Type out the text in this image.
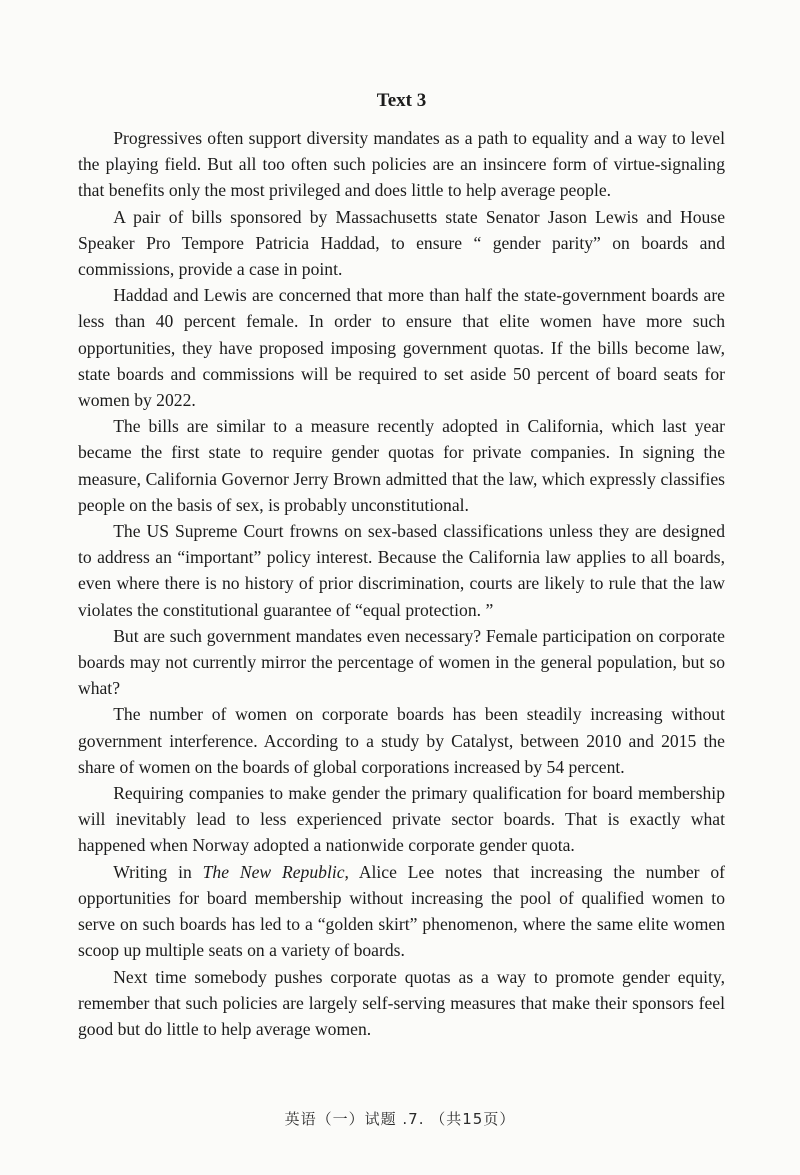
Text 3

Progressives often support diversity mandates as a path to equality and a way to level the playing field. But all too often such policies are an insincere form of virtue-signaling that benefits only the most privileged and does little to help average people.

A pair of bills sponsored by Massachusetts state Senator Jason Lewis and House Speaker Pro Tempore Patricia Haddad, to ensure “ gender parity” on boards and commissions, provide a case in point.

Haddad and Lewis are concerned that more than half the state-government boards are less than 40 percent female. In order to ensure that elite women have more such opportunities, they have proposed imposing government quotas. If the bills become law, state boards and commissions will be required to set aside 50 percent of board seats for women by 2022.

The bills are similar to a measure recently adopted in California, which last year became the first state to require gender quotas for private companies. In signing the measure, California Governor Jerry Brown admitted that the law, which expressly classifies people on the basis of sex, is probably unconstitutional.

The US Supreme Court frowns on sex-based classifications unless they are designed to address an “important” policy interest. Because the California law applies to all boards, even where there is no history of prior discrimination, courts are likely to rule that the law violates the constitutional guarantee of “equal protection. ”

But are such government mandates even necessary? Female participation on corporate boards may not currently mirror the percentage of women in the general population, but so what?

The number of women on corporate boards has been steadily increasing without government interference. According to a study by Catalyst, between 2010 and 2015 the share of women on the boards of global corporations increased by 54 percent.

Requiring companies to make gender the primary qualification for board membership will inevitably lead to less experienced private sector boards. That is exactly what happened when Norway adopted a nationwide corporate gender quota.

Writing in The New Republic, Alice Lee notes that increasing the number of opportunities for board membership without increasing the pool of qualified women to serve on such boards has led to a “golden skirt” phenomenon, where the same elite women scoop up multiple seats on a variety of boards.

Next time somebody pushes corporate quotas as a way to promote gender equity, remember that such policies are largely self-serving measures that make their sponsors feel good but do little to help average women.

英语（一）试题 .7. （共15页）
